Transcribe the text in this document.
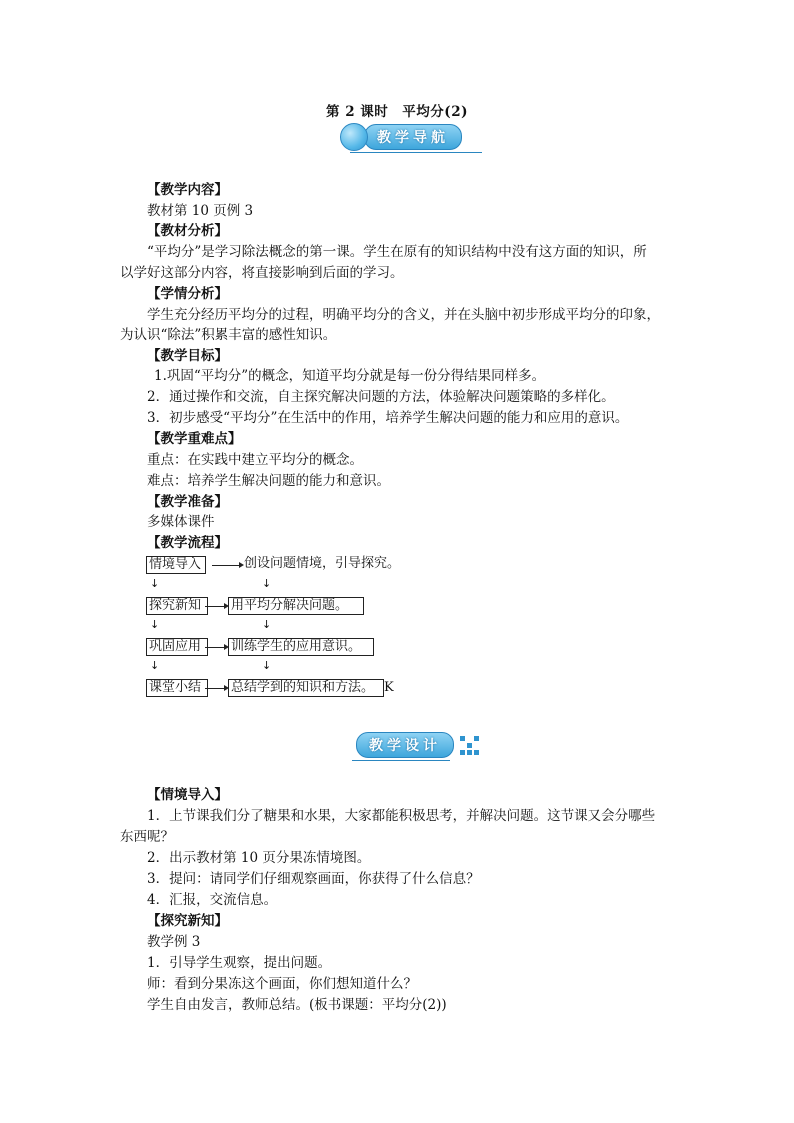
第 2 课时　平均分(2)
教学导航
【教学内容】
教材第 10 页例 3
【教材分析】
“平均分”是学习除法概念的第一课。学生在原有的知识结构中没有这方面的知识，所
以学好这部分内容，将直接影响到后面的学习。
【学情分析】
学生充分经历平均分的过程，明确平均分的含义，并在头脑中初步形成平均分的印象，
为认识“除法”积累丰富的感性知识。
【教学目标】
1.巩固“平均分”的概念，知道平均分就是每一份分得结果同样多。
2．通过操作和交流，自主探究解决问题的方法，体验解决问题策略的多样化。
3．初步感受“平均分”在生活中的作用，培养学生解决问题的能力和应用的意识。
【教学重难点】
重点：在实践中建立平均分的概念。
难点：培养学生解决问题的能力和意识。
【教学准备】
多媒体课件
【教学流程】
情境导入	创设问题情境，引导探究。
↓	↓
探究新知	用平均分解决问题。
↓	↓
巩固应用	训练学生的应用意识。
↓	↓
课堂小结	总结学到的知识和方法。 K
教学设计
【情境导入】
1．上节课我们分了糖果和水果，大家都能积极思考，并解决问题。这节课又会分哪些
东西呢？
2．出示教材第 10 页分果冻情境图。
3．提问：请同学们仔细观察画面，你获得了什么信息？
4．汇报，交流信息。
【探究新知】
教学例 3
1．引导学生观察，提出问题。
师：看到分果冻这个画面，你们想知道什么？
学生自由发言，教师总结。(板书课题：平均分(2))
